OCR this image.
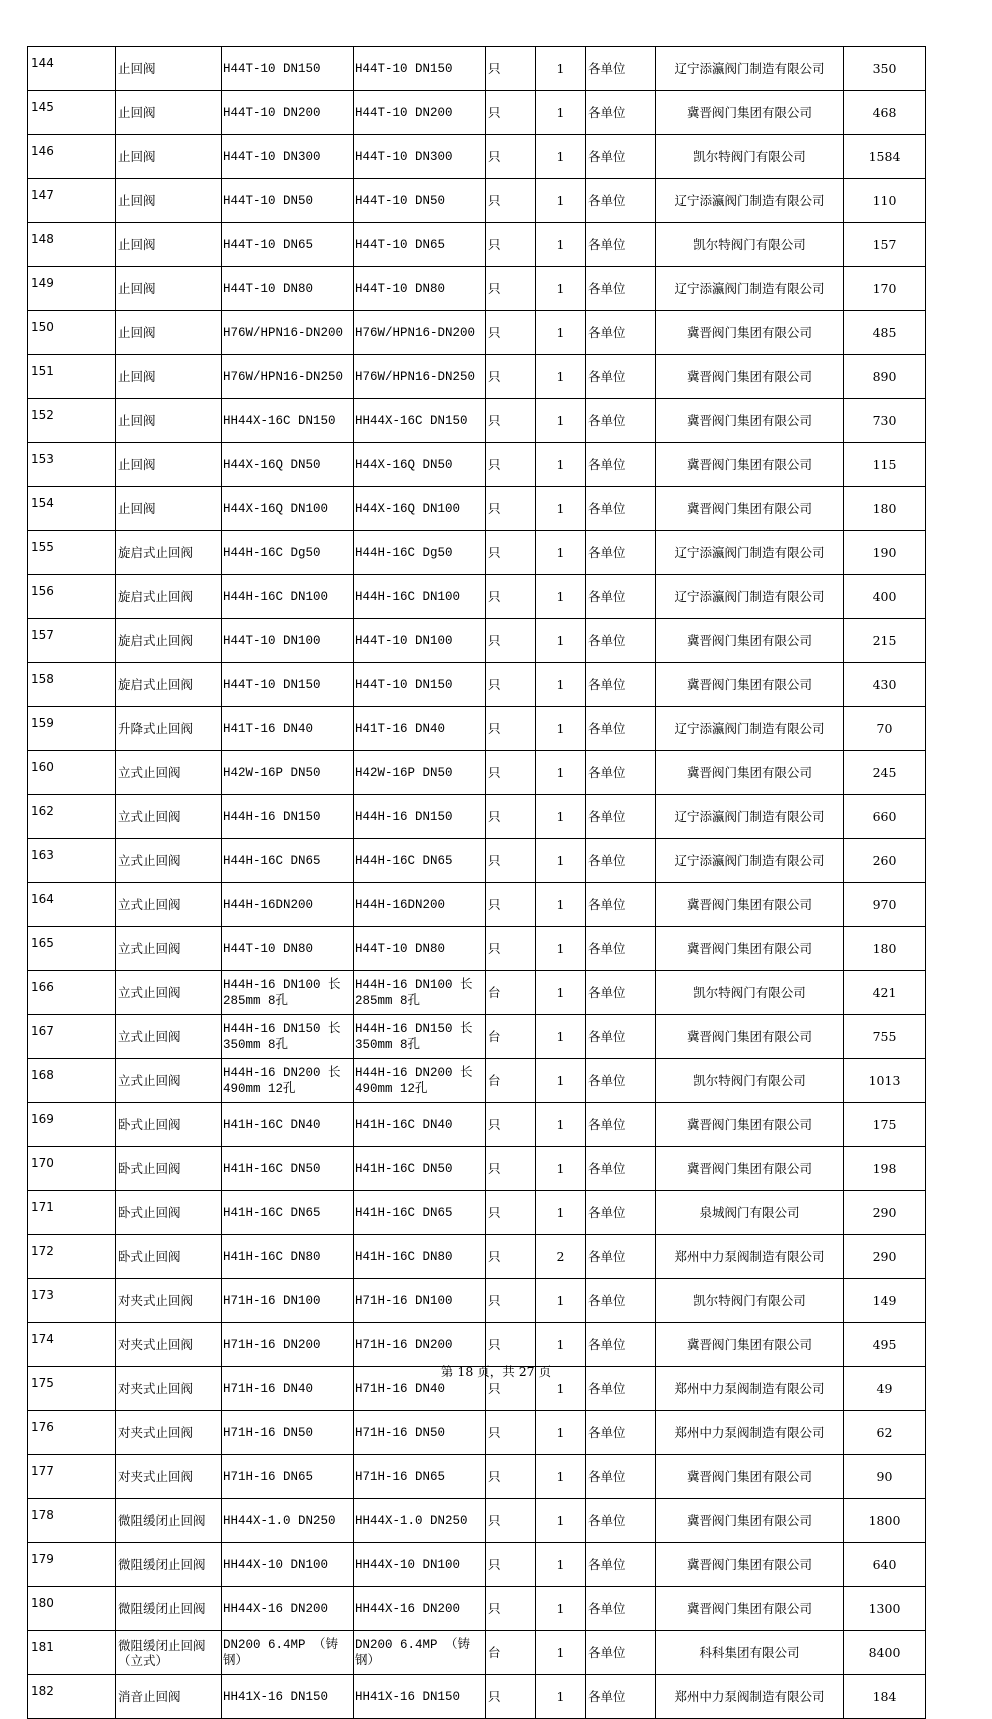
144	止回阀	H44T-10 DN150	H44T-10 DN150	只	1	各单位	辽宁添瀛阀门制造有限公司	350
145	止回阀	H44T-10 DN200	H44T-10 DN200	只	1	各单位	冀晋阀门集团有限公司	468
146	止回阀	H44T-10 DN300	H44T-10 DN300	只	1	各单位	凯尔特阀门有限公司	1584
147	止回阀	H44T-10 DN50	H44T-10 DN50	只	1	各单位	辽宁添瀛阀门制造有限公司	110
148	止回阀	H44T-10 DN65	H44T-10 DN65	只	1	各单位	凯尔特阀门有限公司	157
149	止回阀	H44T-10 DN80	H44T-10 DN80	只	1	各单位	辽宁添瀛阀门制造有限公司	170
150	止回阀	H76W/HPN16-DN200	H76W/HPN16-DN200	只	1	各单位	冀晋阀门集团有限公司	485
151	止回阀	H76W/HPN16-DN250	H76W/HPN16-DN250	只	1	各单位	冀晋阀门集团有限公司	890
152	止回阀	HH44X-16C DN150	HH44X-16C DN150	只	1	各单位	冀晋阀门集团有限公司	730
153	止回阀	H44X-16Q DN50	H44X-16Q DN50	只	1	各单位	冀晋阀门集团有限公司	115
154	止回阀	H44X-16Q DN100	H44X-16Q DN100	只	1	各单位	冀晋阀门集团有限公司	180
155	旋启式止回阀	H44H-16C Dg50	H44H-16C Dg50	只	1	各单位	辽宁添瀛阀门制造有限公司	190
156	旋启式止回阀	H44H-16C DN100	H44H-16C DN100	只	1	各单位	辽宁添瀛阀门制造有限公司	400
157	旋启式止回阀	H44T-10 DN100	H44T-10 DN100	只	1	各单位	冀晋阀门集团有限公司	215
158	旋启式止回阀	H44T-10 DN150	H44T-10 DN150	只	1	各单位	冀晋阀门集团有限公司	430
159	升降式止回阀	H41T-16 DN40	H41T-16 DN40	只	1	各单位	辽宁添瀛阀门制造有限公司	70
160	立式止回阀	H42W-16P DN50	H42W-16P DN50	只	1	各单位	冀晋阀门集团有限公司	245
162	立式止回阀	H44H-16 DN150	H44H-16 DN150	只	1	各单位	辽宁添瀛阀门制造有限公司	660
163	立式止回阀	H44H-16C DN65	H44H-16C DN65	只	1	各单位	辽宁添瀛阀门制造有限公司	260
164	立式止回阀	H44H-16DN200	H44H-16DN200	只	1	各单位	冀晋阀门集团有限公司	970
165	立式止回阀	H44T-10 DN80	H44T-10 DN80	只	1	各单位	冀晋阀门集团有限公司	180
166	立式止回阀	H44H-16 DN100 长 285mm 8孔	H44H-16 DN100 长 285mm 8孔	台	1	各单位	凯尔特阀门有限公司	421
167	立式止回阀	H44H-16 DN150 长 350mm 8孔	H44H-16 DN150 长 350mm 8孔	台	1	各单位	冀晋阀门集团有限公司	755
168	立式止回阀	H44H-16 DN200 长 490mm 12孔	H44H-16 DN200 长 490mm 12孔	台	1	各单位	凯尔特阀门有限公司	1013
169	卧式止回阀	H41H-16C DN40	H41H-16C DN40	只	1	各单位	冀晋阀门集团有限公司	175
170	卧式止回阀	H41H-16C DN50	H41H-16C DN50	只	1	各单位	冀晋阀门集团有限公司	198
171	卧式止回阀	H41H-16C DN65	H41H-16C DN65	只	1	各单位	泉城阀门有限公司	290
172	卧式止回阀	H41H-16C DN80	H41H-16C DN80	只	2	各单位	郑州中力泵阀制造有限公司	290
173	对夹式止回阀	H71H-16 DN100	H71H-16 DN100	只	1	各单位	凯尔特阀门有限公司	149
174	对夹式止回阀	H71H-16 DN200	H71H-16 DN200	只	1	各单位	冀晋阀门集团有限公司	495
175	对夹式止回阀	H71H-16 DN40	H71H-16 DN40	只	1	各单位	郑州中力泵阀制造有限公司	49
176	对夹式止回阀	H71H-16 DN50	H71H-16 DN50	只	1	各单位	郑州中力泵阀制造有限公司	62
177	对夹式止回阀	H71H-16 DN65	H71H-16 DN65	只	1	各单位	冀晋阀门集团有限公司	90
178	微阻缓闭止回阀	HH44X-1.0 DN250	HH44X-1.0 DN250	只	1	各单位	冀晋阀门集团有限公司	1800
179	微阻缓闭止回阀	HH44X-10 DN100	HH44X-10 DN100	只	1	各单位	冀晋阀门集团有限公司	640
180	微阻缓闭止回阀	HH44X-16 DN200	HH44X-16 DN200	只	1	各单位	冀晋阀门集团有限公司	1300
181	微阻缓闭止回阀（立式）	DN200 6.4MP （铸钢）	DN200 6.4MP （铸钢）	台	1	各单位	科科集团有限公司	8400
182	消音止回阀	HH41X-16 DN150	HH41X-16 DN150	只	1	各单位	郑州中力泵阀制造有限公司	184
第 18 页，共 27 页
